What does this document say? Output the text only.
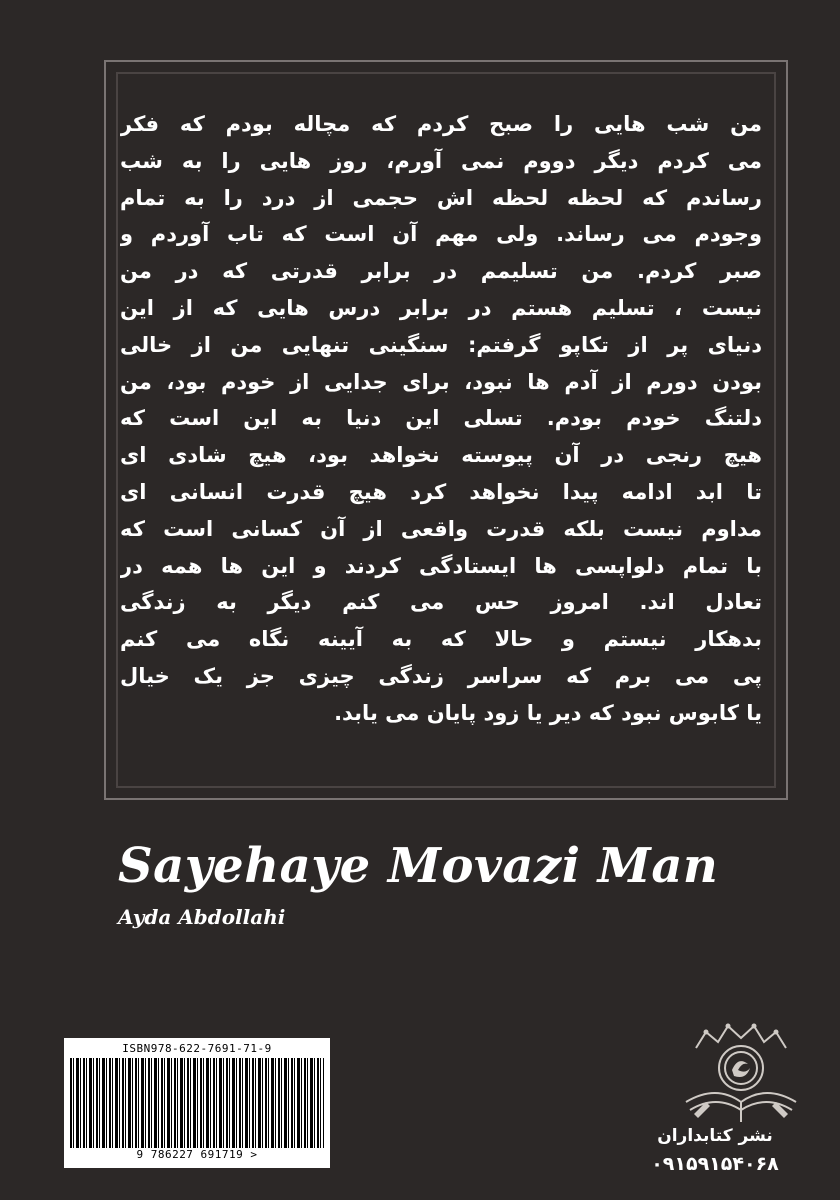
من شب هایی را صبح کردم که مچاله بودم که فکر
می کردم دیگر دووم نمی آورم، روز هایی را به شب
رساندم که لحظه لحظه اش حجمی از درد را به تمام
وجودم می رساند. ولی مهم آن است که تاب آوردم و
صبر کردم. من تسلیمم در برابر قدرتی که در من
نیست ، تسلیم هستم در برابر درس هایی که از این
دنیای پر از تکاپو گرفتم: سنگینی تنهایی من از خالی
بودن دورم از آدم ها نبود، برای جدایی از خودم بود، من
دلتنگ خودم بودم. تسلی این دنیا به این است که
هیچ رنجی در آن پیوسته نخواهد بود، هیچ شادی ای
تا ابد ادامه پیدا نخواهد کرد هیچ قدرت انسانی ای
مداوم نیست بلکه قدرت واقعی از آن کسانی است که
با تمام دلواپسی ها ایستادگی کردند و این ها همه در
تعادل اند. امروز حس می کنم دیگر به زندگی
بدهکار نیستم و حالا که به آیینه نگاه می کنم
پی می برم که سراسر زندگی چیزی جز یک خیال
یا کابوس نبود که دیر یا زود پایان می یابد.
Sayehaye Movazi Man
Ayda Abdollahi
ISBN978-622-7691-71-9
9 786227 691719 >
نشر کتابداران
۰۹۱۵۹۱۵۴۰۶۸
